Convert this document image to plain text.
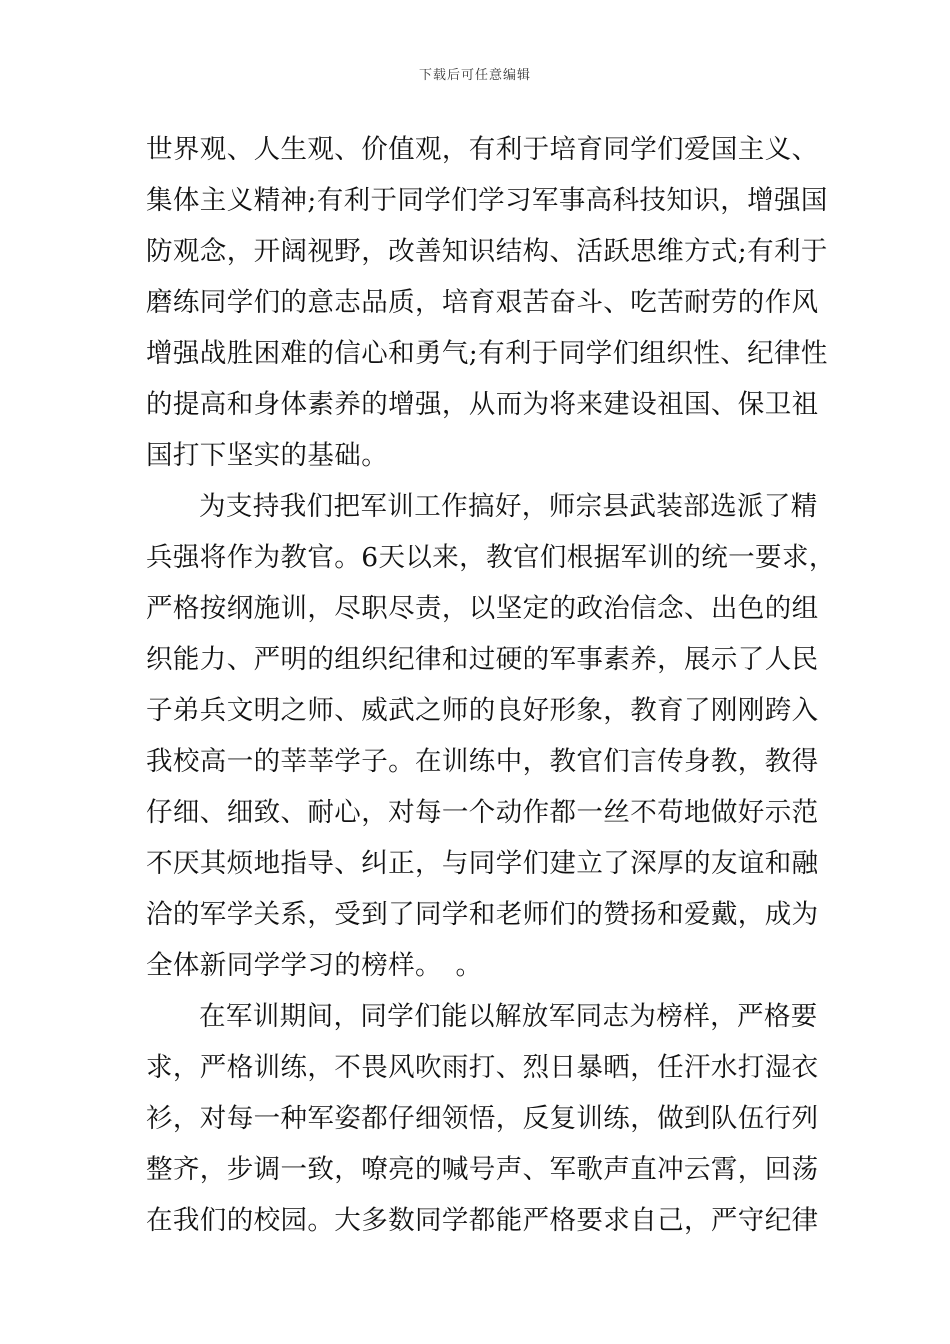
下载后可任意编辑
世界观、人生观、价值观，有利于培育同学们爱国主义、
集体主义精神;有利于同学们学习军事高科技知识，增强国
防观念，开阔视野，改善知识结构、活跃思维方式;有利于
磨练同学们的意志品质，培育艰苦奋斗、吃苦耐劳的作风
增强战胜困难的信心和勇气;有利于同学们组织性、纪律性
的提高和身体素养的增强，从而为将来建设祖国、保卫祖
国打下坚实的基础。
为支持我们把军训工作搞好，师宗县武装部选派了精
兵强将作为教官。6天以来，教官们根据军训的统一要求，
严格按纲施训，尽职尽责，以坚定的政治信念、出色的组
织能力、严明的组织纪律和过硬的军事素养，展示了人民
子弟兵文明之师、威武之师的良好形象，教育了刚刚跨入
我校高一的莘莘学子。在训练中，教官们言传身教，教得
仔细、细致、耐心，对每一个动作都一丝不苟地做好示范
不厌其烦地指导、纠正，与同学们建立了深厚的友谊和融
洽的军学关系，受到了同学和老师们的赞扬和爱戴，成为
全体新同学学习的榜样。　。
在军训期间，同学们能以解放军同志为榜样，严格要
求，严格训练，不畏风吹雨打、烈日暴晒，任汗水打湿衣
衫，对每一种军姿都仔细领悟，反复训练，做到队伍行列
整齐，步调一致，嘹亮的喊号声、军歌声直冲云霄，回荡
在我们的校园。大多数同学都能严格要求自己，严守纪律
